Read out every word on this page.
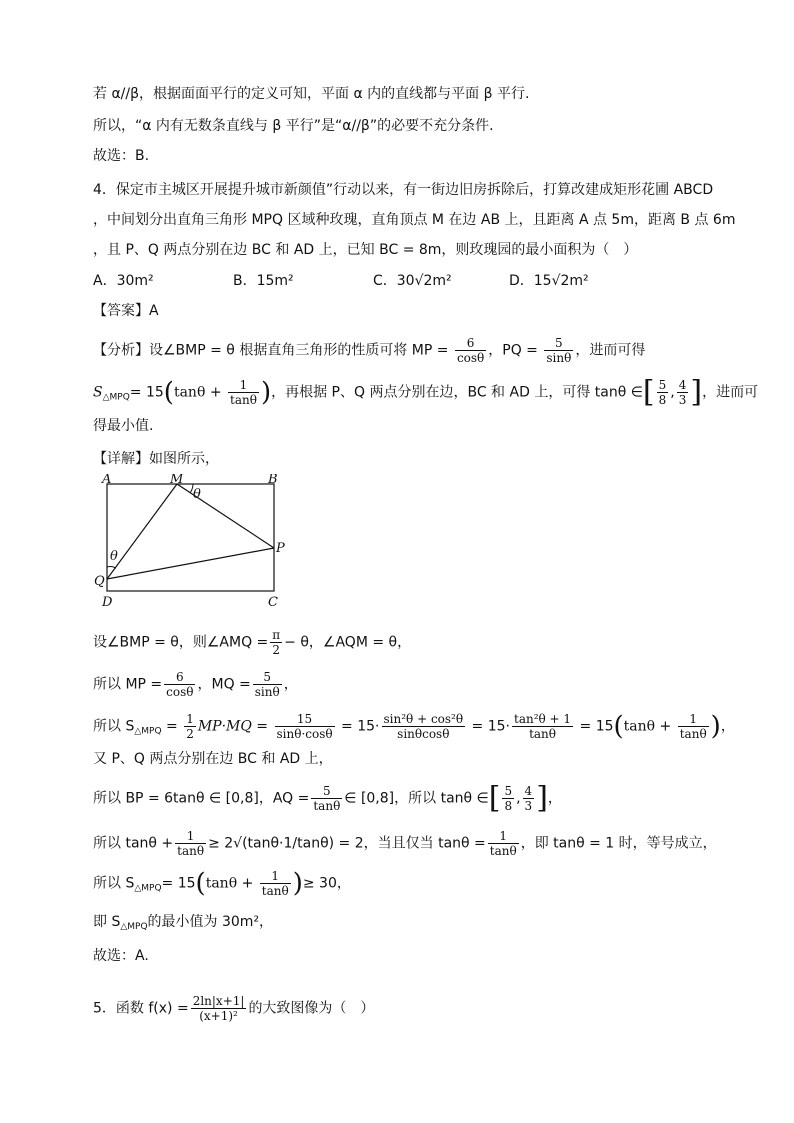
若 α//β，根据面面平行的定义可知，平面 α 内的直线都与平面 β 平行.
所以，“α 内有无数条直线与 β 平行”是“α//β”的必要不充分条件.
故选：B.
4．保定市主城区开展提升城市新颜值”行动以来，有一街边旧房拆除后，打算改建成矩形花圃 ABCD
，中间划分出直角三角形 MPQ 区域种玫瑰，直角顶点 M 在边 AB 上，且距离 A 点 5m，距离 B 点 6m
，且 P、Q 两点分别在边 BC 和 AD 上，已知 BC = 8m，则玫瑰园的最小面积为（　）
A．30m²	B．15m²	C．30√2m²	D．15√2m²
【答案】A
【分析】设∠BMP = θ 根据直角三角形的性质可将 MP = $\frac{6}{\cos\theta}$ ，PQ = $\frac{5}{\sin\theta}$ ，进而可得
$S_{\triangle MPQ}= 15(\tan\theta + \frac{1}{\tan\theta}$ )，再根据 P、Q 两点分别在边，BC 和 AD 上，可得 tanθ ∈[ $\frac{5}{8}$ , $\frac{4}{3}$ ]，进而可
得最小值.
【详解】如图所示，
A	M	B
θ
P
θ
Q
D	C
设∠BMP = θ，则∠AMQ = $\frac{\pi}{2} - \theta$，∠AQM = θ，
所以 MP = $\frac{6}{\cos\theta}$ ，MQ = $\frac{5}{\sin\theta}$ ，
所以 $S_{\triangle MPQ} = \frac{1}{2} MP\cdot MQ = \frac{15}{\sin\theta\cdot\cos\theta} = 15\cdot \frac{\text{sin²θ + cos²θ}}{\sin\theta\cos\theta} = 15\cdot \frac{\text{tan²θ + 1}}{\tan\theta} = 15(\tan\theta + \frac{1}{\tan\theta}$ )，
又 P、Q 两点分别在边 BC 和 AD 上，
所以 BP = 6tanθ ∈ [0,8]，AQ = $\frac{5}{\tan\theta}$ ∈ [0,8]，所以 tanθ ∈[ $\frac{5}{8}$ , $\frac{4}{3}$ ]，
所以 $\tan\theta + \frac{1}{\tan\theta} \ge 2√(\tan\theta\cdot 1/\tan\theta) = 2$，当且仅当 $\tan\theta = \frac{1}{\tan\theta}$ ，即 tanθ = 1 时，等号成立，
所以 $S_{\triangle MPQ}= 15(\tan\theta + \frac{1}{\tan\theta}$ )≥ 30，
即 $S_{\triangle MPQ}$的最小值为 30m²，
故选：A.
5．函数 $f(x) = \frac{2\ln|x+1|}{\text{(x+1)²}}$ 的大致图像为（　）
